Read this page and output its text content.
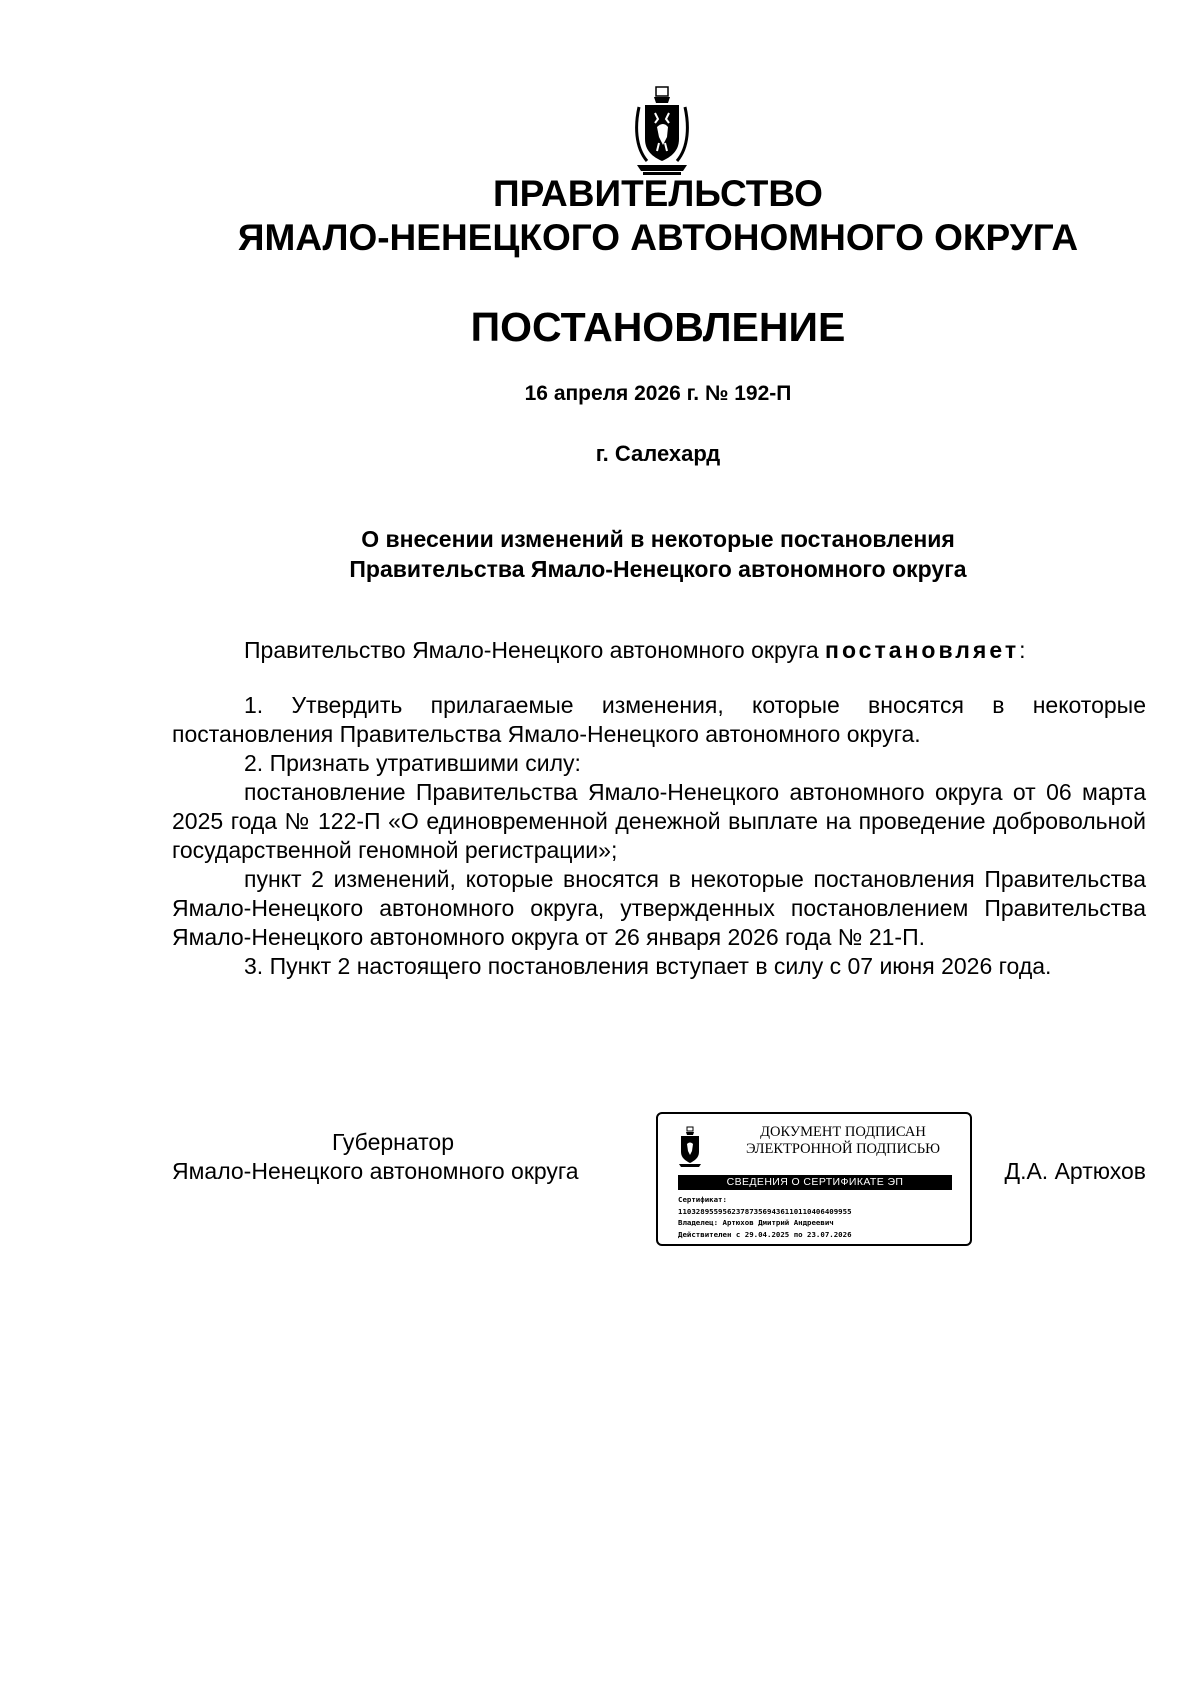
ПРАВИТЕЛЬСТВО
ЯМАЛО-НЕНЕЦКОГО АВТОНОМНОГО ОКРУГА
ПОСТАНОВЛЕНИЕ
16 апреля 2026 г. № 192-П
г. Салехард
О внесении изменений в некоторые постановления
Правительства Ямало-Ненецкого автономного округа

Правительство Ямало-Ненецкого автономного округа постановляет:

1. Утвердить прилагаемые изменения, которые вносятся в некоторые постановления Правительства Ямало-Ненецкого автономного округа.

2. Признать утратившими силу:

постановление Правительства Ямало-Ненецкого автономного округа от 06 марта 2025 года № 122-П «О единовременной денежной выплате на проведение добровольной государственной геномной регистрации»;

пункт 2 изменений, которые вносятся в некоторые постановления Правительства Ямало-Ненецкого автономного округа, утвержденных постановлением Правительства Ямало-Ненецкого автономного округа от 26 января 2026 года № 21-П.

3. Пункт 2 настоящего постановления вступает в силу с 07 июня 2026 года.

Губернатор
Ямало-Ненецкого автономного округа
ДОКУМЕНТ ПОДПИСАН
ЭЛЕКТРОННОЙ ПОДПИСЬЮ
СВЕДЕНИЯ О СЕРТИФИКАТЕ ЭП
Сертификат:
110328955956237873569436110110406409955
Владелец: Артюхов Дмитрий Андреевич
Действителен с 29.04.2025 по 23.07.2026
Д.А. Артюхов
